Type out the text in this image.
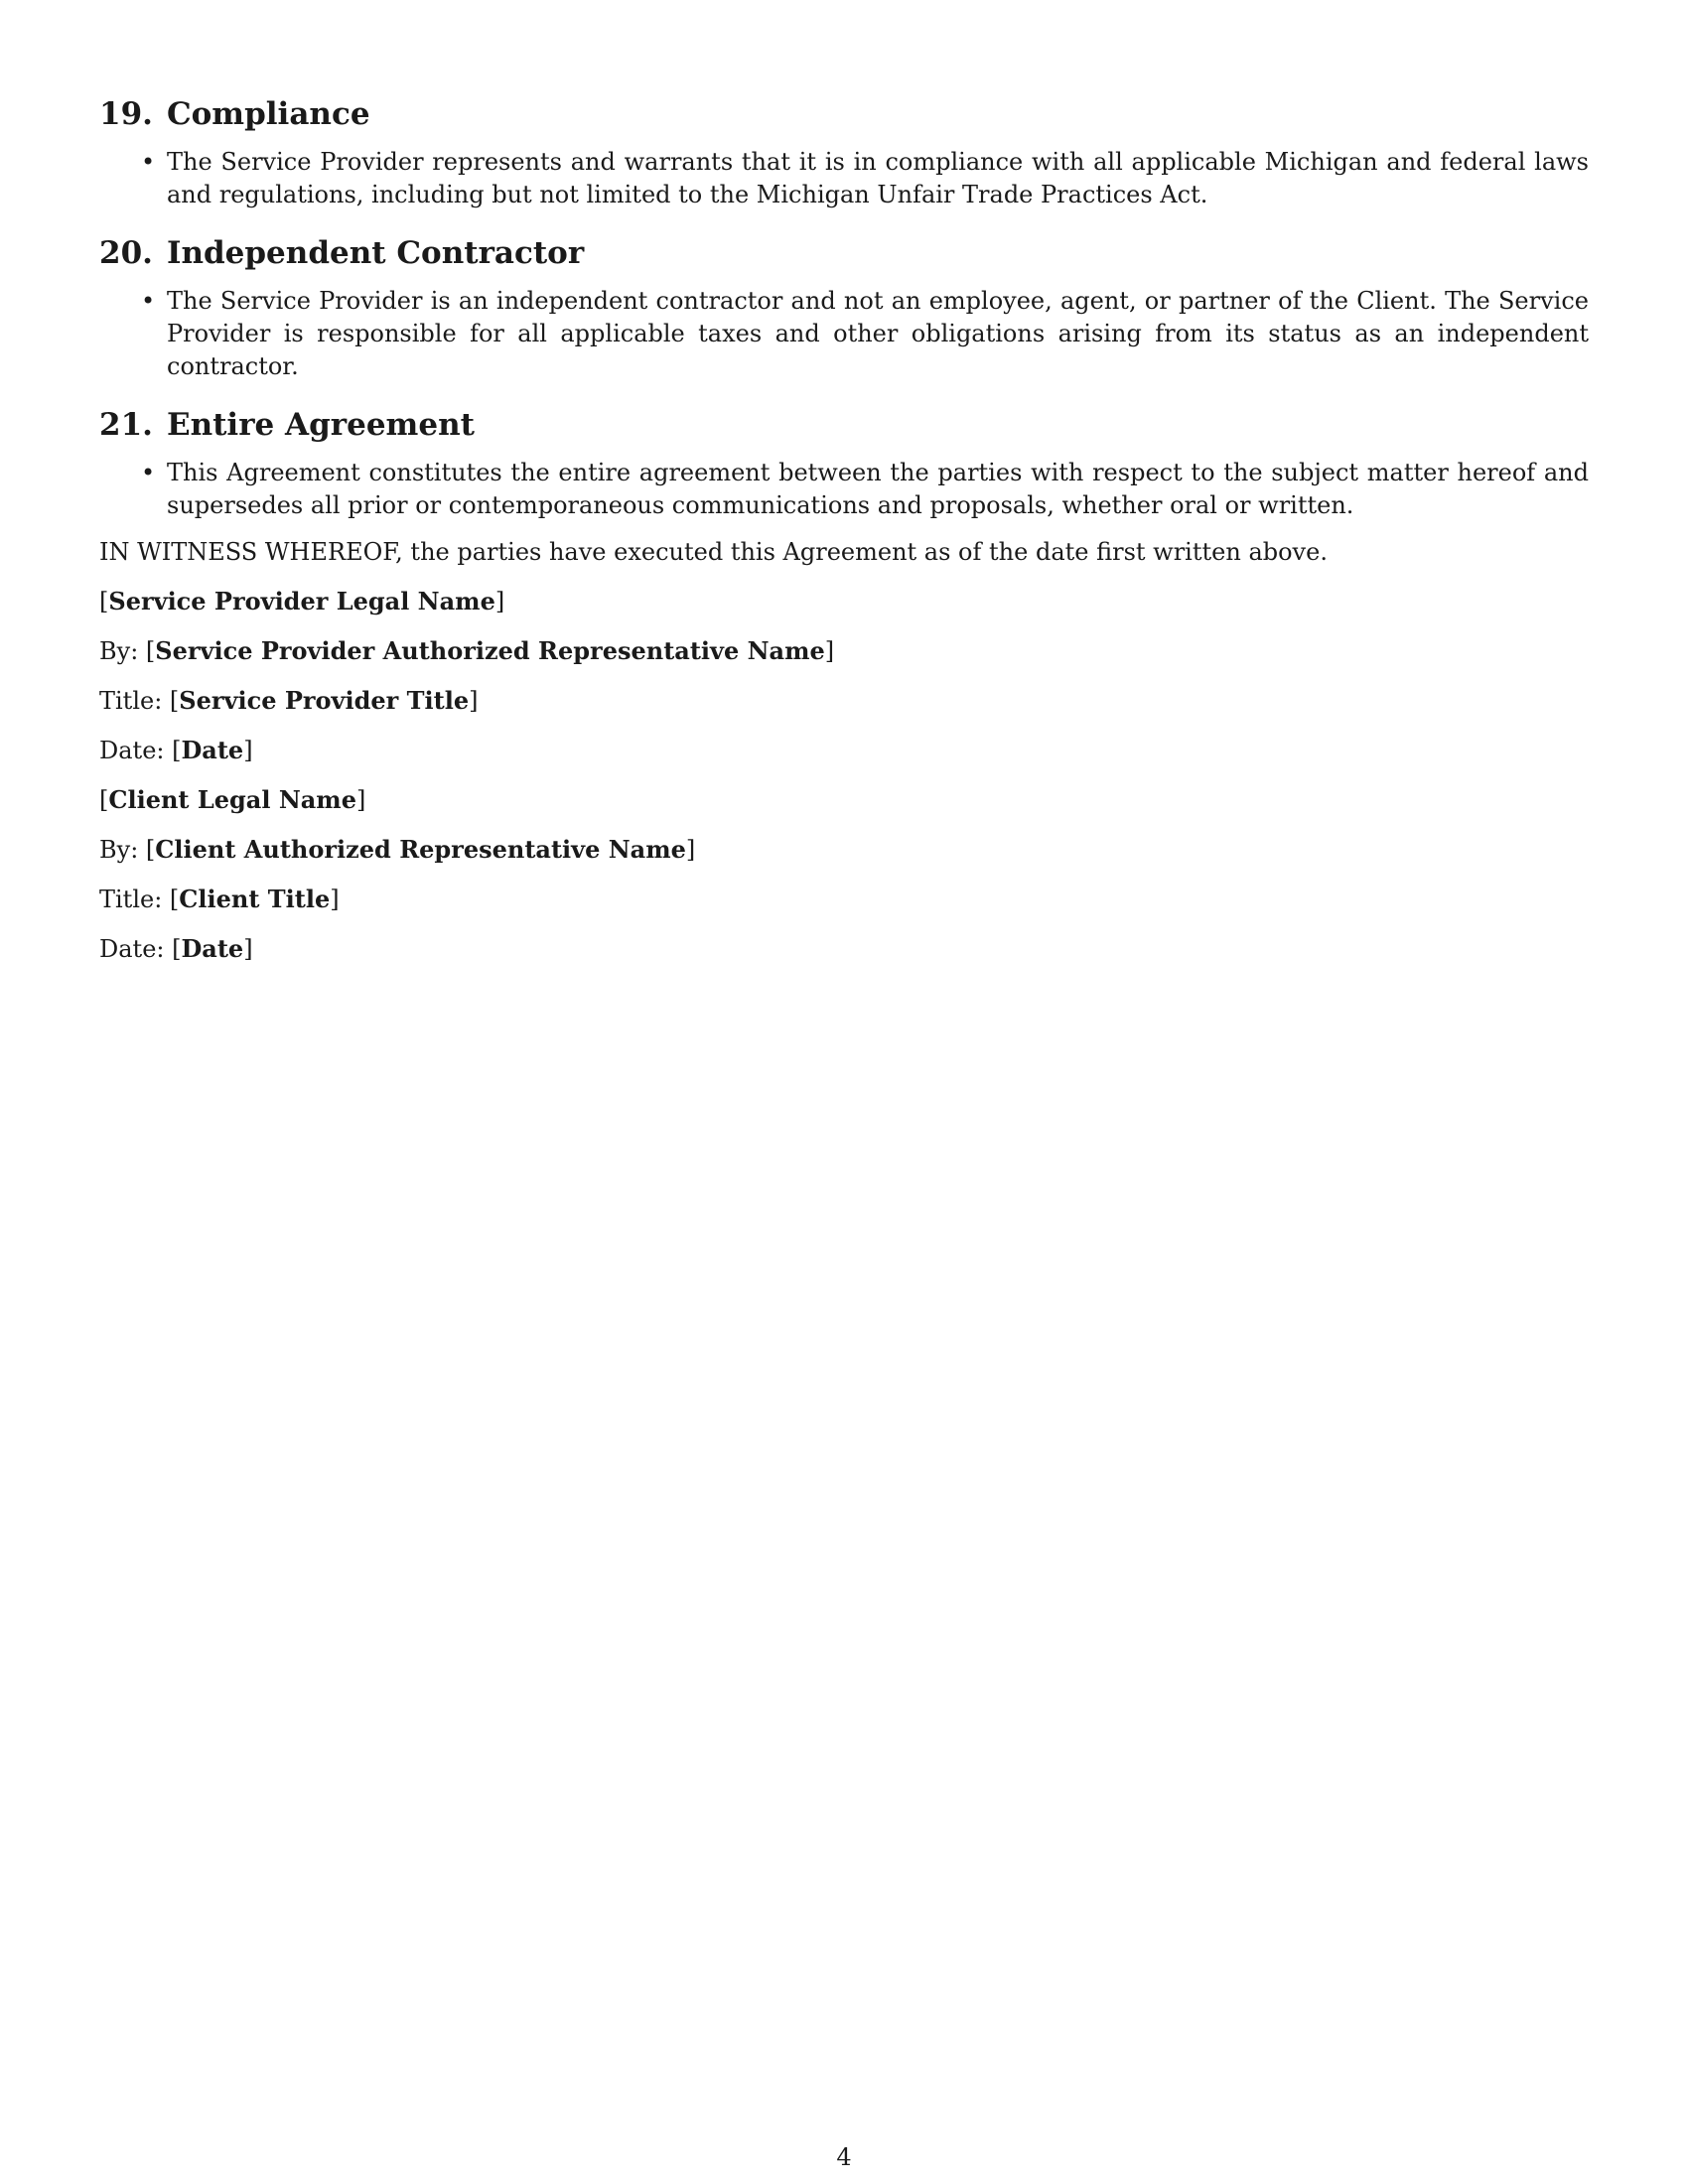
19. Compliance
• The Service Provider represents and warrants that it is in compliance with all applicable Michigan and federal laws and regulations, including but not limited to the Michigan Unfair Trade Practices Act.
20. Independent Contractor
• The Service Provider is an independent contractor and not an employee, agent, or partner of the Client. The Service Provider is responsible for all applicable taxes and other obligations arising from its status as an independent contractor.
21. Entire Agreement
• This Agreement constitutes the entire agreement between the parties with respect to the subject matter hereof and supersedes all prior or contemporaneous communications and proposals, whether oral or written.

IN WITNESS WHEREOF, the parties have executed this Agreement as of the date first written above.

[Service Provider Legal Name]

By: [Service Provider Authorized Representative Name]

Title: [Service Provider Title]

Date: [Date]

[Client Legal Name]

By: [Client Authorized Representative Name]

Title: [Client Title]

Date: [Date]

4
